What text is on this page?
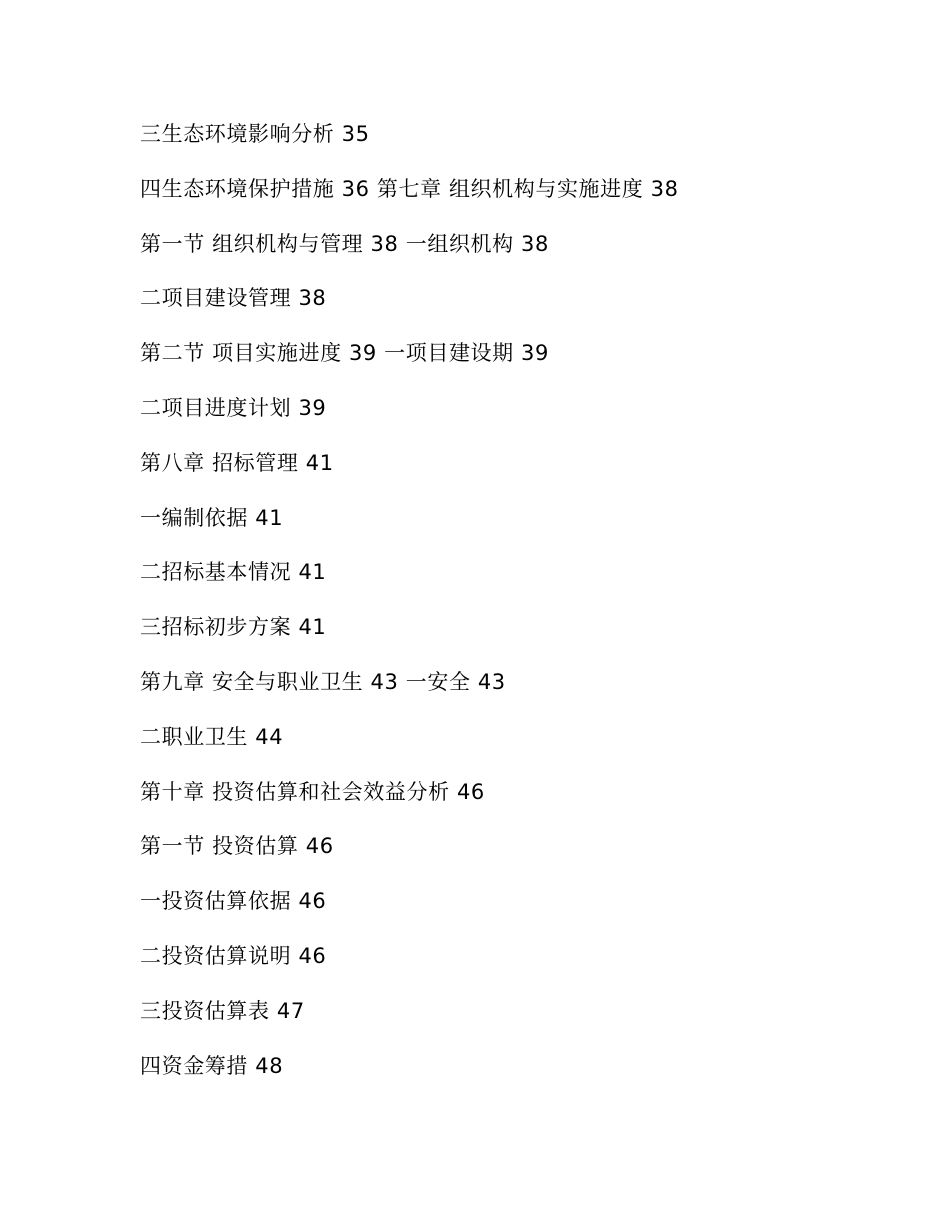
三生态环境影响分析 35
四生态环境保护措施 36 第七章 组织机构与实施进度 38
第一节 组织机构与管理 38 一组织机构 38
二项目建设管理 38
第二节 项目实施进度 39 一项目建设期 39
二项目进度计划 39
第八章 招标管理 41
一编制依据 41
二招标基本情况 41
三招标初步方案 41
第九章 安全与职业卫生 43 一安全 43
二职业卫生 44
第十章 投资估算和社会效益分析 46
第一节 投资估算 46
一投资估算依据 46
二投资估算说明 46
三投资估算表 47
四资金筹措 48
